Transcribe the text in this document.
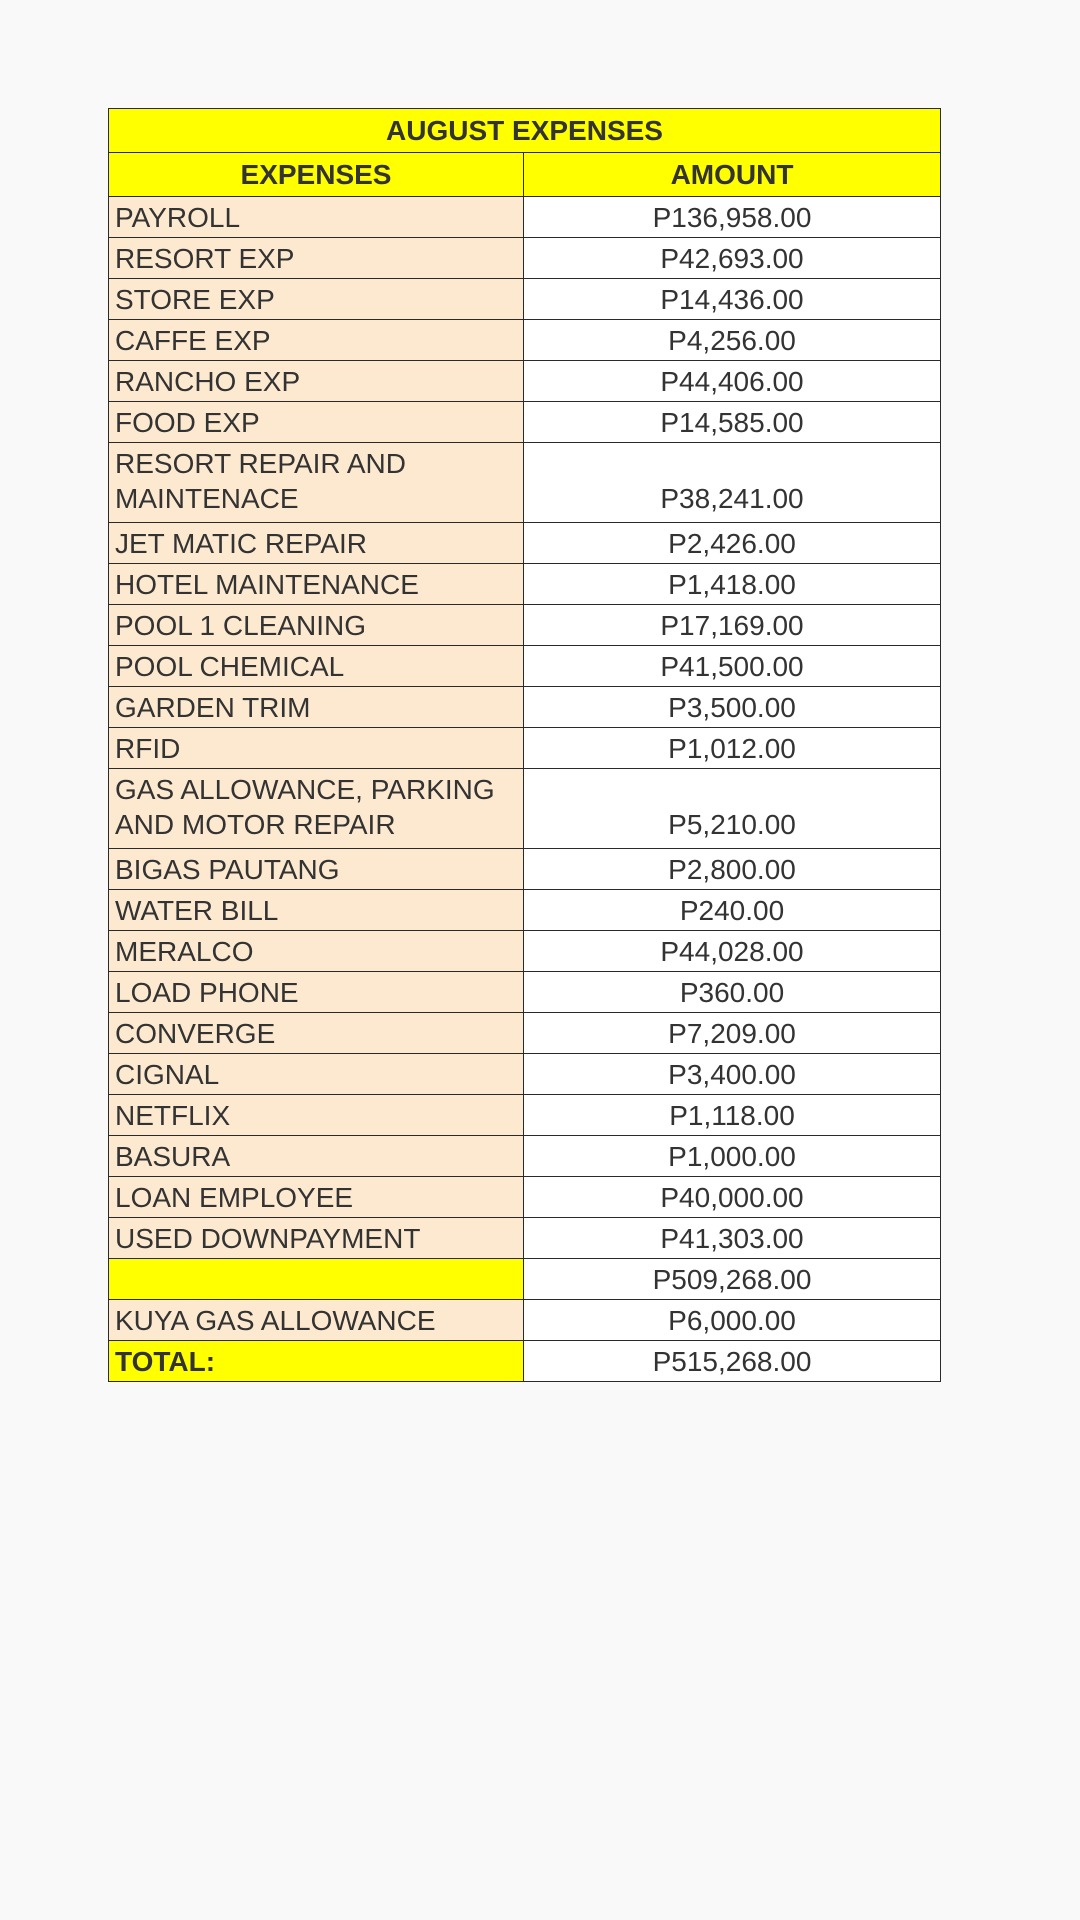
AUGUST EXPENSES	
EXPENSES	AMOUNT
PAYROLL	P136,958.00
RESORT EXP	P42,693.00
STORE EXP	P14,436.00
CAFFE EXP	P4,256.00
RANCHO EXP	P44,406.00
FOOD EXP	P14,585.00
RESORT REPAIR AND MAINTENACE	P38,241.00
JET MATIC REPAIR	P2,426.00
HOTEL MAINTENANCE	P1,418.00
POOL 1 CLEANING	P17,169.00
POOL CHEMICAL	P41,500.00
GARDEN TRIM	P3,500.00
RFID	P1,012.00
GAS ALLOWANCE, PARKING AND MOTOR REPAIR	P5,210.00
BIGAS PAUTANG	P2,800.00
WATER BILL	P240.00
MERALCO	P44,028.00
LOAD PHONE	P360.00
CONVERGE	P7,209.00
CIGNAL	P3,400.00
NETFLIX	P1,118.00
BASURA	P1,000.00
LOAN EMPLOYEE	P40,000.00
USED DOWNPAYMENT	P41,303.00
	P509,268.00
KUYA GAS ALLOWANCE	P6,000.00
TOTAL:	P515,268.00
